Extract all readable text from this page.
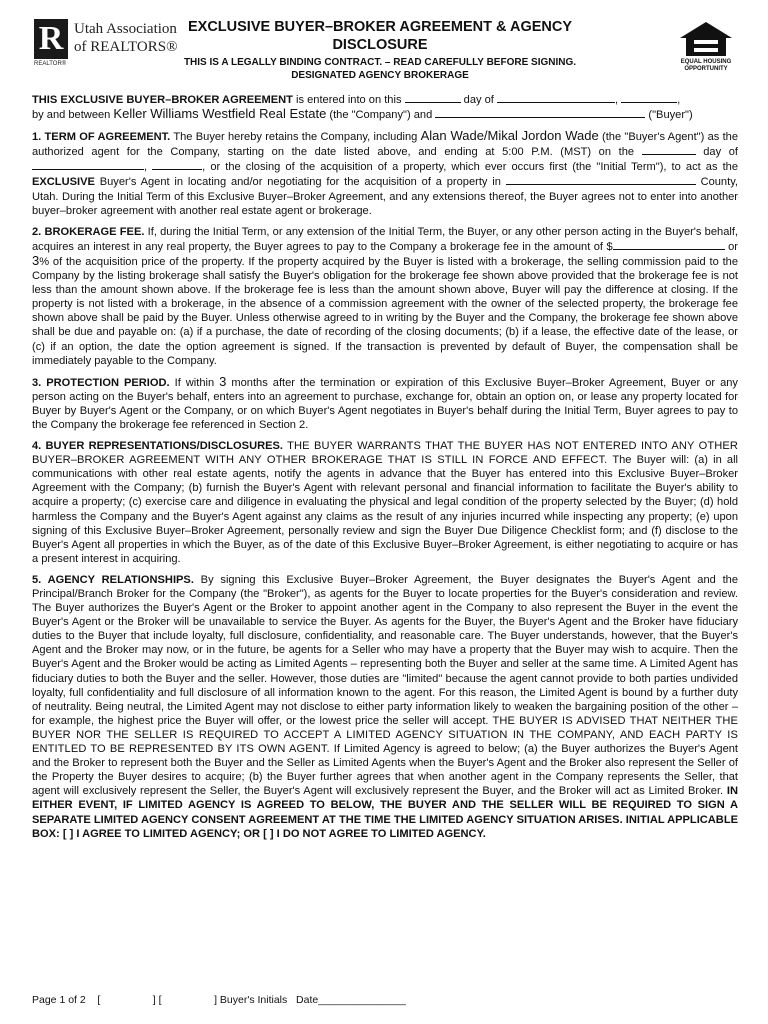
R Utah Association
of REALTORS®
REALTOR®	EQUAL HOUSING
OPPORTUNITY
EXCLUSIVE BUYER–BROKER AGREEMENT & AGENCY
DISCLOSURE
THIS IS A LEGALLY BINDING CONTRACT. – READ CAREFULLY BEFORE SIGNING.
DESIGNATED AGENCY BROKERAGE

THIS EXCLUSIVE BUYER–BROKER AGREEMENT is entered into on this	day of	,	,
by and between Keller Williams Westfield Real Estate (the "Company") and	("Buyer")

1. TERM OF AGREEMENT. The Buyer hereby retains the Company, including Alan Wade/Mikal Jordon Wade (the "Buyer's Agent") as the authorized agent for the Company, starting on the date listed above, and ending at 5:00 P.M. (MST) on the	day of ,	, or the closing of the acquisition of a property, which ever occurs first (the "Initial Term"), to act as the EXCLUSIVE Buyer's Agent in locating and/or negotiating for the acquisition of a property in	County, Utah. During the Initial Term of this Exclusive Buyer–Broker Agreement, and any extensions thereof, the Buyer agrees not to enter into another buyer–broker agreement with another real estate agent or brokerage.

2. BROKERAGE FEE. If, during the Initial Term, or any extension of the Initial Term, the Buyer, or any other person acting in the Buyer's behalf, acquires an interest in any real property, the Buyer agrees to pay to the Company a brokerage fee in the amount of $	or 3% of the acquisition price of the property. If the property acquired by the Buyer is listed with a brokerage, the selling commission paid to the Company by the listing brokerage shall satisfy the Buyer's obligation for the brokerage fee shown above provided that the brokerage fee is not less than the amount shown above. If the brokerage fee is less than the amount shown above, Buyer will pay the difference at closing. If the property is not listed with a brokerage, in the absence of a commission agreement with the owner of the selected property, the brokerage fee shown above shall be paid by the Buyer. Unless otherwise agreed to in writing by the Buyer and the Company, the brokerage fee shown above shall be due and payable on: (a) if a purchase, the date of recording of the closing documents; (b) if a lease, the effective date of the lease, or (c) if an option, the date the option agreement is signed. If the transaction is prevented by default of Buyer, the compensation shall be immediately payable to the Company.

3. PROTECTION PERIOD. If within 3 months after the termination or expiration of this Exclusive Buyer–Broker Agreement, Buyer or any person acting on the Buyer's behalf, enters into an agreement to purchase, exchange for, obtain an option on, or lease any property located for Buyer by Buyer's Agent or the Company, or on which Buyer's Agent negotiates in Buyer's behalf during the Initial Term, Buyer agrees to pay to the Company the brokerage fee referenced in Section 2.

4. BUYER REPRESENTATIONS/DISCLOSURES. THE BUYER WARRANTS THAT THE BUYER HAS NOT ENTERED INTO ANY OTHER BUYER–BROKER AGREEMENT WITH ANY OTHER BROKERAGE THAT IS STILL IN FORCE AND EFFECT. The Buyer will: (a) in all communications with other real estate agents, notify the agents in advance that the Buyer has entered into this Exclusive Buyer–Broker Agreement with the Company; (b) furnish the Buyer's Agent with relevant personal and financial information to facilitate the Buyer's ability to acquire a property; (c) exercise care and diligence in evaluating the physical and legal condition of the property selected by the Buyer; (d) hold harmless the Company and the Buyer's Agent against any claims as the result of any injuries incurred while inspecting any property; (e) upon signing of this Exclusive Buyer–Broker Agreement, personally review and sign the Buyer Due Diligence Checklist form; and (f) disclose to the Buyer's Agent all properties in which the Buyer, as of the date of this Exclusive Buyer–Broker Agreement, is either negotiating to acquire or has a present interest in acquiring.

5. AGENCY RELATIONSHIPS. By signing this Exclusive Buyer–Broker Agreement, the Buyer designates the Buyer's Agent and the Principal/Branch Broker for the Company (the "Broker"), as agents for the Buyer to locate properties for the Buyer's consideration and review. The Buyer authorizes the Buyer's Agent or the Broker to appoint another agent in the Company to also represent the Buyer in the event the Buyer's Agent or the Broker will be unavailable to service the Buyer. As agents for the Buyer, the Buyer's Agent and the Broker have fiduciary duties to the Buyer that include loyalty, full disclosure, confidentiality, and reasonable care. The Buyer understands, however, that the Buyer's Agent and the Broker may now, or in the future, be agents for a Seller who may have a property that the Buyer may wish to acquire. Then the Buyer's Agent and the Broker would be acting as Limited Agents – representing both the Buyer and seller at the same time. A Limited Agent has fiduciary duties to both the Buyer and the seller. However, those duties are "limited" because the agent cannot provide to both parties undivided loyalty, full confidentiality and full disclosure of all information known to the agent. For this reason, the Limited Agent is bound by a further duty of neutrality. Being neutral, the Limited Agent may not disclose to either party information likely to weaken the bargaining position of the other – for example, the highest price the Buyer will offer, or the lowest price the seller will accept. THE BUYER IS ADVISED THAT NEITHER THE BUYER NOR THE SELLER IS REQUIRED TO ACCEPT A LIMITED AGENCY SITUATION IN THE COMPANY, AND EACH PARTY IS ENTITLED TO BE REPRESENTED BY ITS OWN AGENT. If Limited Agency is agreed to below; (a) the Buyer authorizes the Buyer's Agent and the Broker to represent both the Buyer and the Seller as Limited Agents when the Buyer's Agent and the Broker also represent the Seller of the Property the Buyer desires to acquire; (b) the Buyer further agrees that when another agent in the Company represents the Seller, that agent will exclusively represent the Seller, the Buyer's Agent will exclusively represent the Buyer, and the Broker will act as Limited Broker. IN EITHER EVENT, IF LIMITED AGENCY IS AGREED TO BELOW, THE BUYER AND THE SELLER WILL BE REQUIRED TO SIGN A SEPARATE LIMITED AGENCY CONSENT AGREEMENT AT THE TIME THE LIMITED AGENCY SITUATION ARISES. INITIAL APPLICABLE BOX: [ ] I AGREE TO LIMITED AGENCY; OR [ ] I DO NOT AGREE TO LIMITED AGENCY.

Page 1 of 2    [                  ] [                  ] Buyer's Initials   Date_______________
